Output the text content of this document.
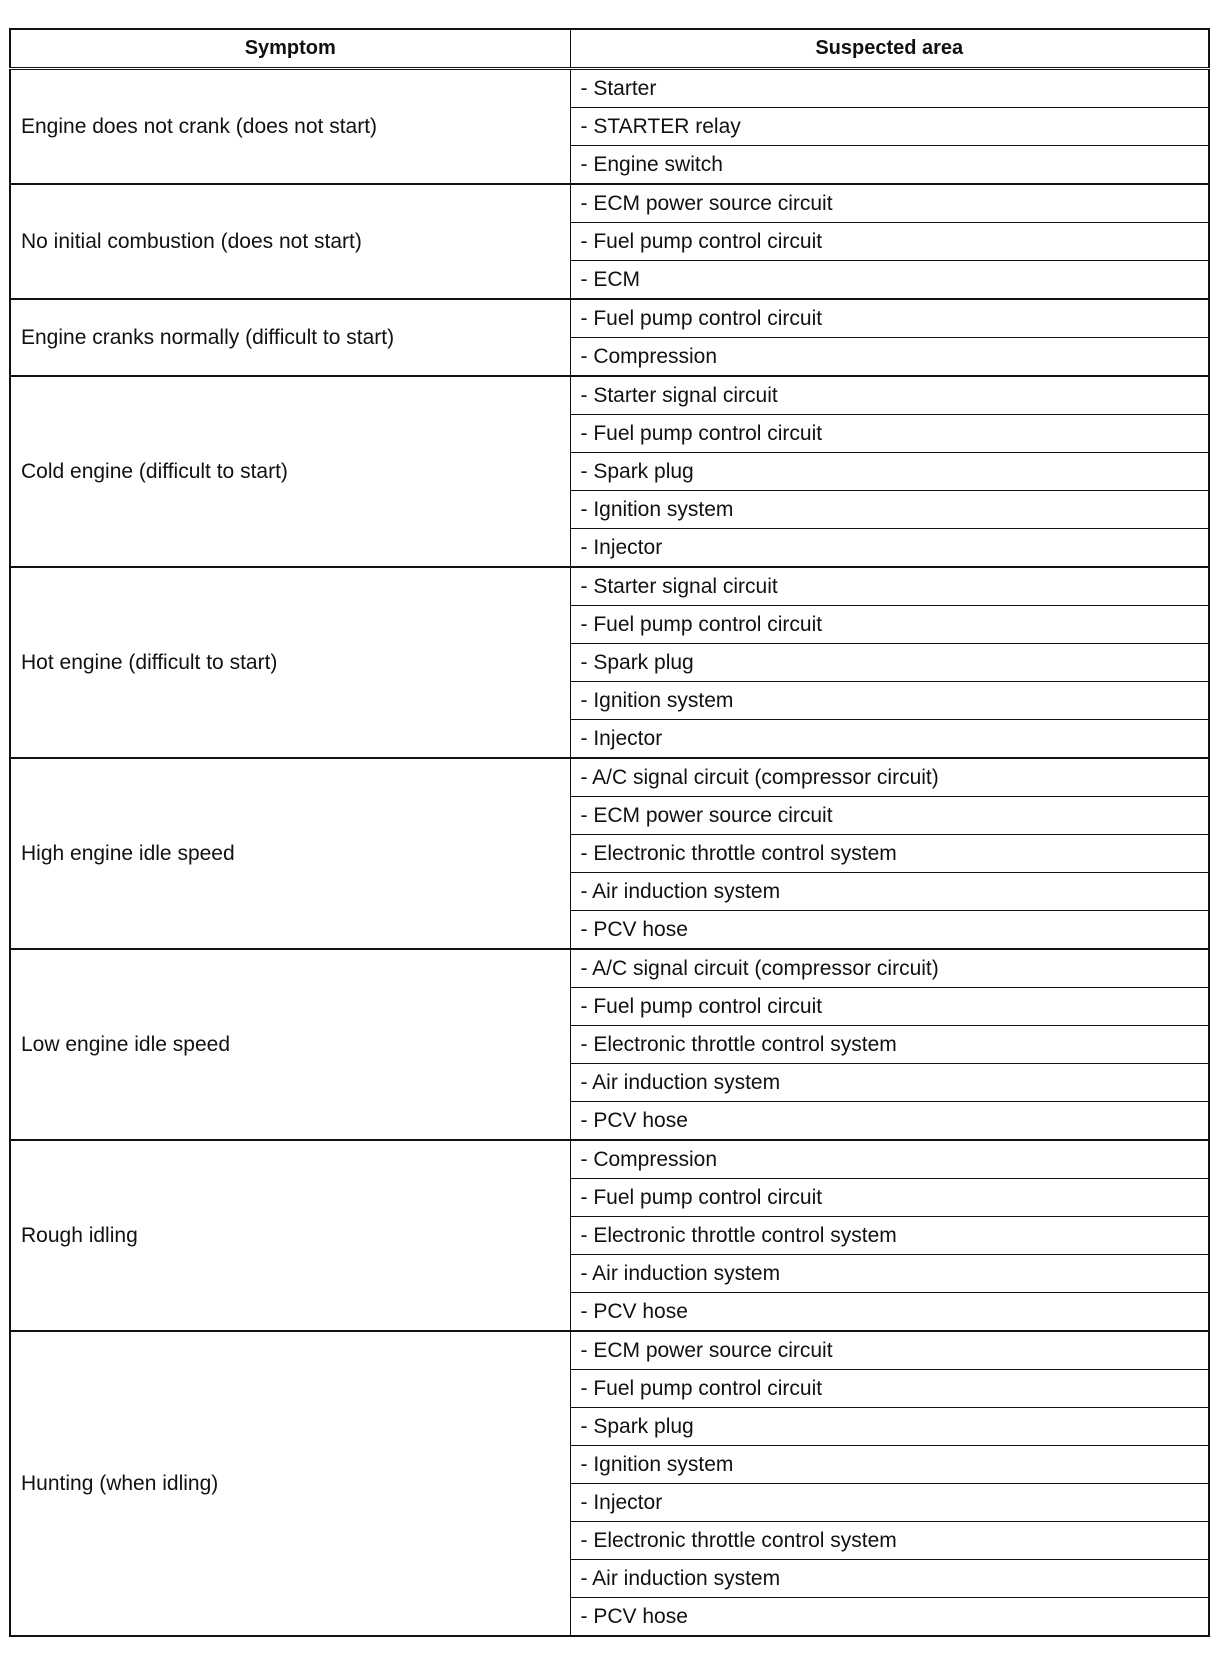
Symptom	Suspected area
Engine does not crank (does not start)	- Starter
	- STARTER relay
	- Engine switch
No initial combustion (does not start)	- ECM power source circuit
	- Fuel pump control circuit
	- ECM
Engine cranks normally (difficult to start)	- Fuel pump control circuit
	- Compression
Cold engine (difficult to start)	- Starter signal circuit
	- Fuel pump control circuit
	- Spark plug
	- Ignition system
	- Injector
Hot engine (difficult to start)	- Starter signal circuit
	- Fuel pump control circuit
	- Spark plug
	- Ignition system
	- Injector
High engine idle speed	- A/C signal circuit (compressor circuit)
	- ECM power source circuit
	- Electronic throttle control system
	- Air induction system
	- PCV hose
Low engine idle speed	- A/C signal circuit (compressor circuit)
	- Fuel pump control circuit
	- Electronic throttle control system
	- Air induction system
	- PCV hose
Rough idling	- Compression
	- Fuel pump control circuit
	- Electronic throttle control system
	- Air induction system
	- PCV hose
Hunting (when idling)	- ECM power source circuit
	- Fuel pump control circuit
	- Spark plug
	- Ignition system
	- Injector
	- Electronic throttle control system
	- Air induction system
	- PCV hose
